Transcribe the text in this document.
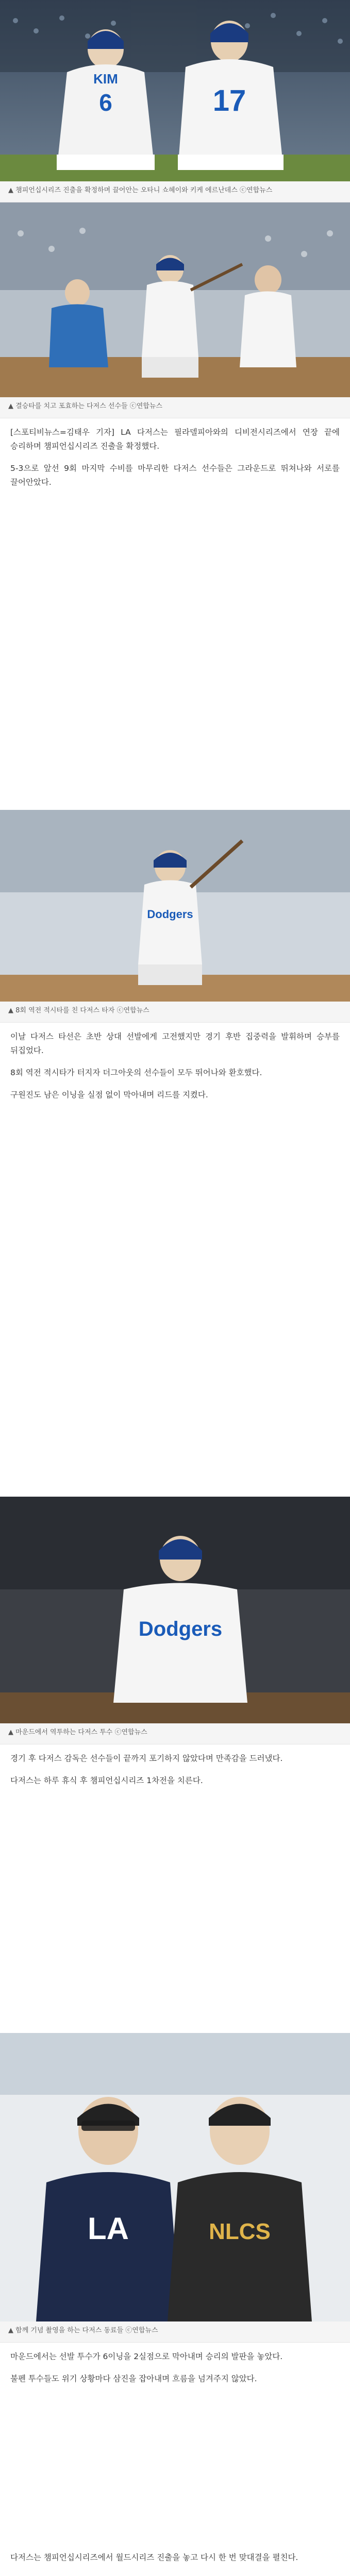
6
KIM
17
▲ 챔피언십시리즈 진출을 확정하며 끌어안는 오타니 쇼헤이와 키케 에르난데스 ⓒ연합뉴스
▲ 결승타를 치고 포효하는 다저스 선수들 ⓒ연합뉴스

[스포티비뉴스=김태우 기자] LA 다저스는 필라델피아와의 디비전시리즈에서 연장 끝에 승리하며 챔피언십시리즈 진출을 확정했다.

5-3으로 앞선 9회 마지막 수비를 마무리한 다저스 선수들은 그라운드로 뛰쳐나와 서로를 끌어안았다.

Dodgers
▲ 8회 역전 적시타를 친 다저스 타자 ⓒ연합뉴스

이날 다저스 타선은 초반 상대 선발에게 고전했지만 경기 후반 집중력을 발휘하며 승부를 뒤집었다.

8회 역전 적시타가 터지자 더그아웃의 선수들이 모두 뛰어나와 환호했다.

구원진도 남은 이닝을 실점 없이 막아내며 리드를 지켰다.

Dodgers
▲ 마운드에서 역투하는 다저스 투수 ⓒ연합뉴스

경기 후 다저스 감독은 선수들이 끝까지 포기하지 않았다며 만족감을 드러냈다.

다저스는 하루 휴식 후 챔피언십시리즈 1차전을 치른다.

LA	NLCS
▲ 함께 기념 촬영을 하는 다저스 동료들 ⓒ연합뉴스

마운드에서는 선발 투수가 6이닝을 2실점으로 막아내며 승리의 발판을 놓았다.

불펜 투수들도 위기 상황마다 삼진을 잡아내며 흐름을 넘겨주지 않았다.

다저스는 챔피언십시리즈에서 월드시리즈 진출을 놓고 다시 한 번 맞대결을 펼친다.
